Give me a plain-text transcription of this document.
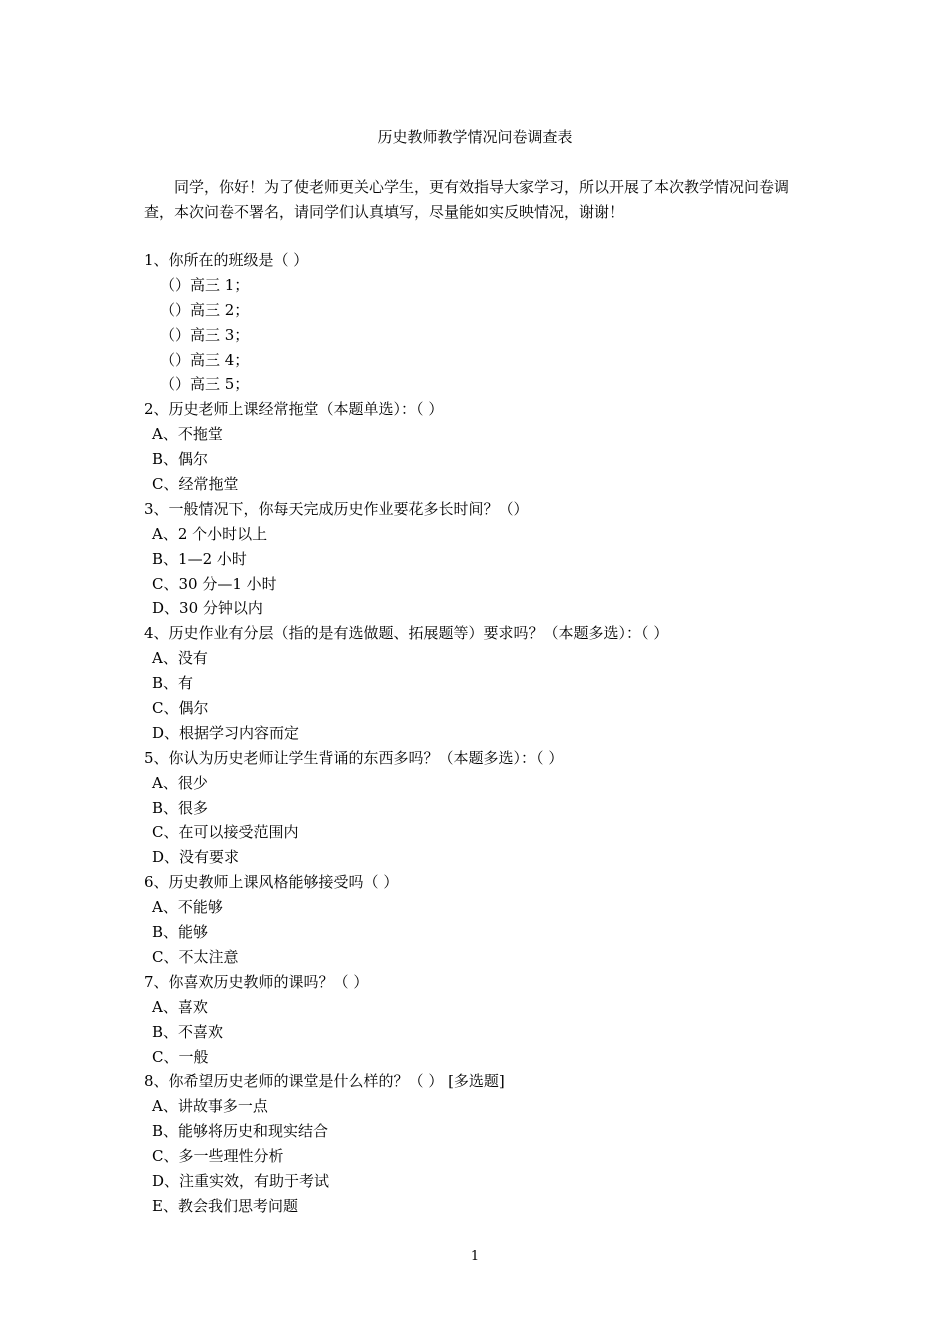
历史教师教学情况问卷调查表
同学，你好！为了使老师更关心学生，更有效指导大家学习，所以开展了本次教学情况问卷调查，本次问卷不署名，请同学们认真填写，尽量能如实反映情况，谢谢！
1、你所在的班级是（ ）
（）高三 1；
（）高三 2；
（）高三 3；
（）高三 4；
（）高三 5；
2、历史老师上课经常拖堂（本题单选）：（ ）
A、不拖堂
B、偶尔
C、经常拖堂
3、一般情况下，你每天完成历史作业要花多长时间？（）
A、2 个小时以上
B、1—2 小时
C、30 分—1 小时
D、30 分钟以内
4、历史作业有分层（指的是有选做题、拓展题等）要求吗？（本题多选）：（ ）
A、没有
B、有
C、偶尔
D、根据学习内容而定
5、你认为历史老师让学生背诵的东西多吗？（本题多选）：（ ）
A、很少
B、很多
C、在可以接受范围内
D、没有要求
6、历史教师上课风格能够接受吗（ ）
A、不能够
B、能够
C、不太注意
7、你喜欢历史教师的课吗？（ ）
A、喜欢
B、不喜欢
C、一般
8、你希望历史老师的课堂是什么样的？（ ） [多选题]
A、讲故事多一点
B、能够将历史和现实结合
C、多一些理性分析
D、注重实效，有助于考试
E、教会我们思考问题
1
